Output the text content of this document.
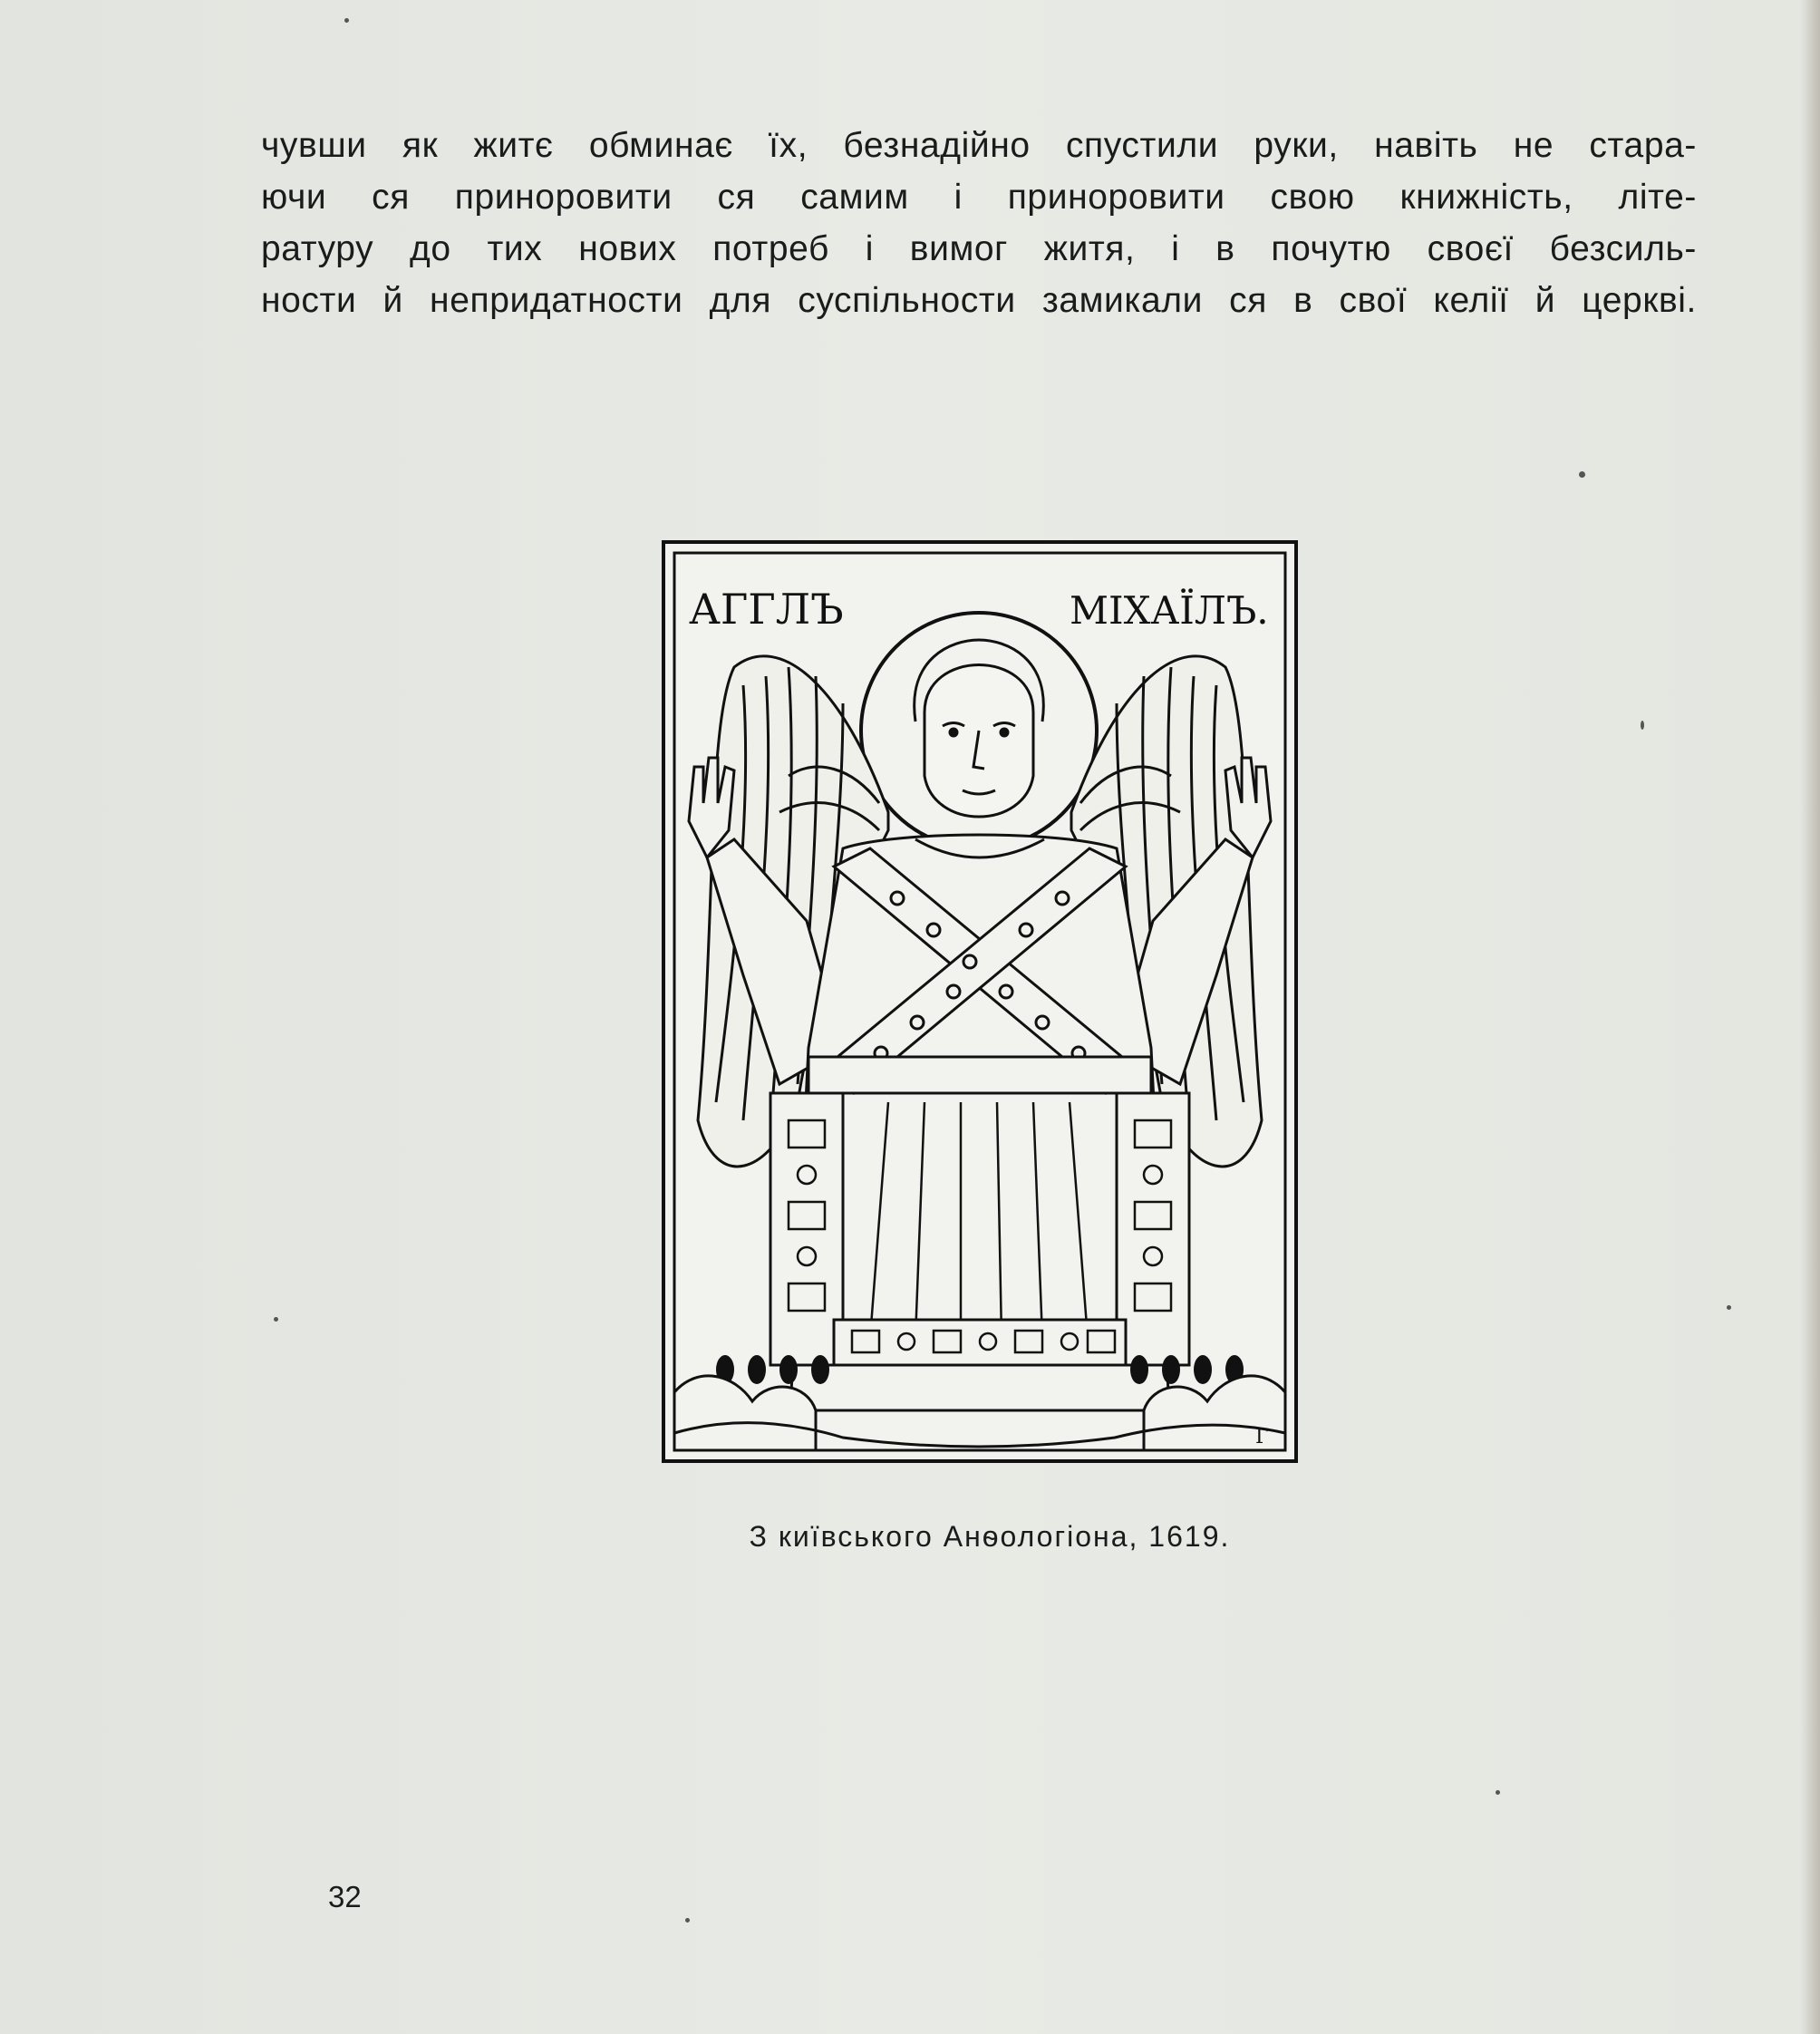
чувши як житє обминає їх, безнадійно спустили руки, навіть не стара-
ючи ся приноровити ся самим і приноровити свою книжність, літе-
ратуру до тих нових потреб і вимог житя, і в почутю своєї безсиль-
ности й непридатности для суспільности замикали ся в свої келії й церкві.
АГГЛЪ	МІХАЇЛЪ.
Г
З київського Анѳологіона, 1619.
32
